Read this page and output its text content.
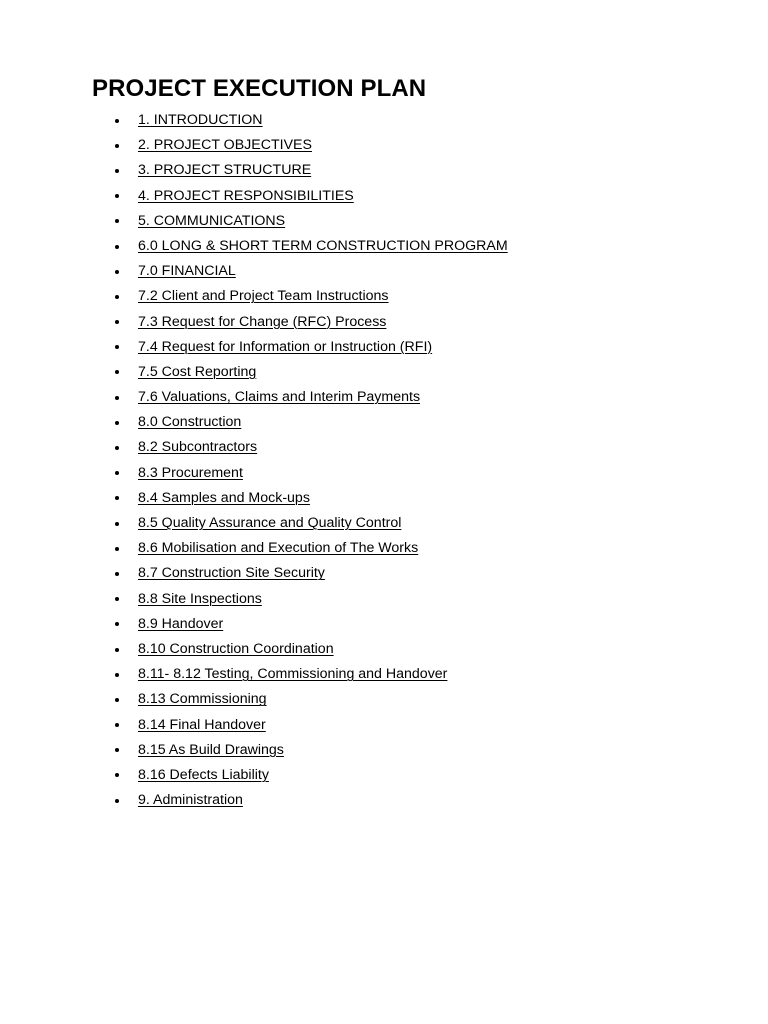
PROJECT EXECUTION PLAN
1. INTRODUCTION
2. PROJECT OBJECTIVES
3. PROJECT STRUCTURE
4. PROJECT RESPONSIBILITIES
5. COMMUNICATIONS
6.0 LONG & SHORT TERM CONSTRUCTION PROGRAM
7.0 FINANCIAL
7.2 Client and Project Team Instructions
7.3 Request for Change (RFC) Process
7.4 Request for Information or Instruction (RFI)
7.5 Cost Reporting
7.6 Valuations, Claims and Interim Payments
8.0 Construction
8.2 Subcontractors
8.3 Procurement
8.4 Samples and Mock-ups
8.5 Quality Assurance and Quality Control
8.6 Mobilisation and Execution of The Works
8.7 Construction Site Security
8.8 Site Inspections
8.9 Handover
8.10 Construction Coordination
8.11- 8.12 Testing, Commissioning and Handover
8.13 Commissioning
8.14 Final Handover
8.15 As Build Drawings
8.16 Defects Liability
9. Administration
